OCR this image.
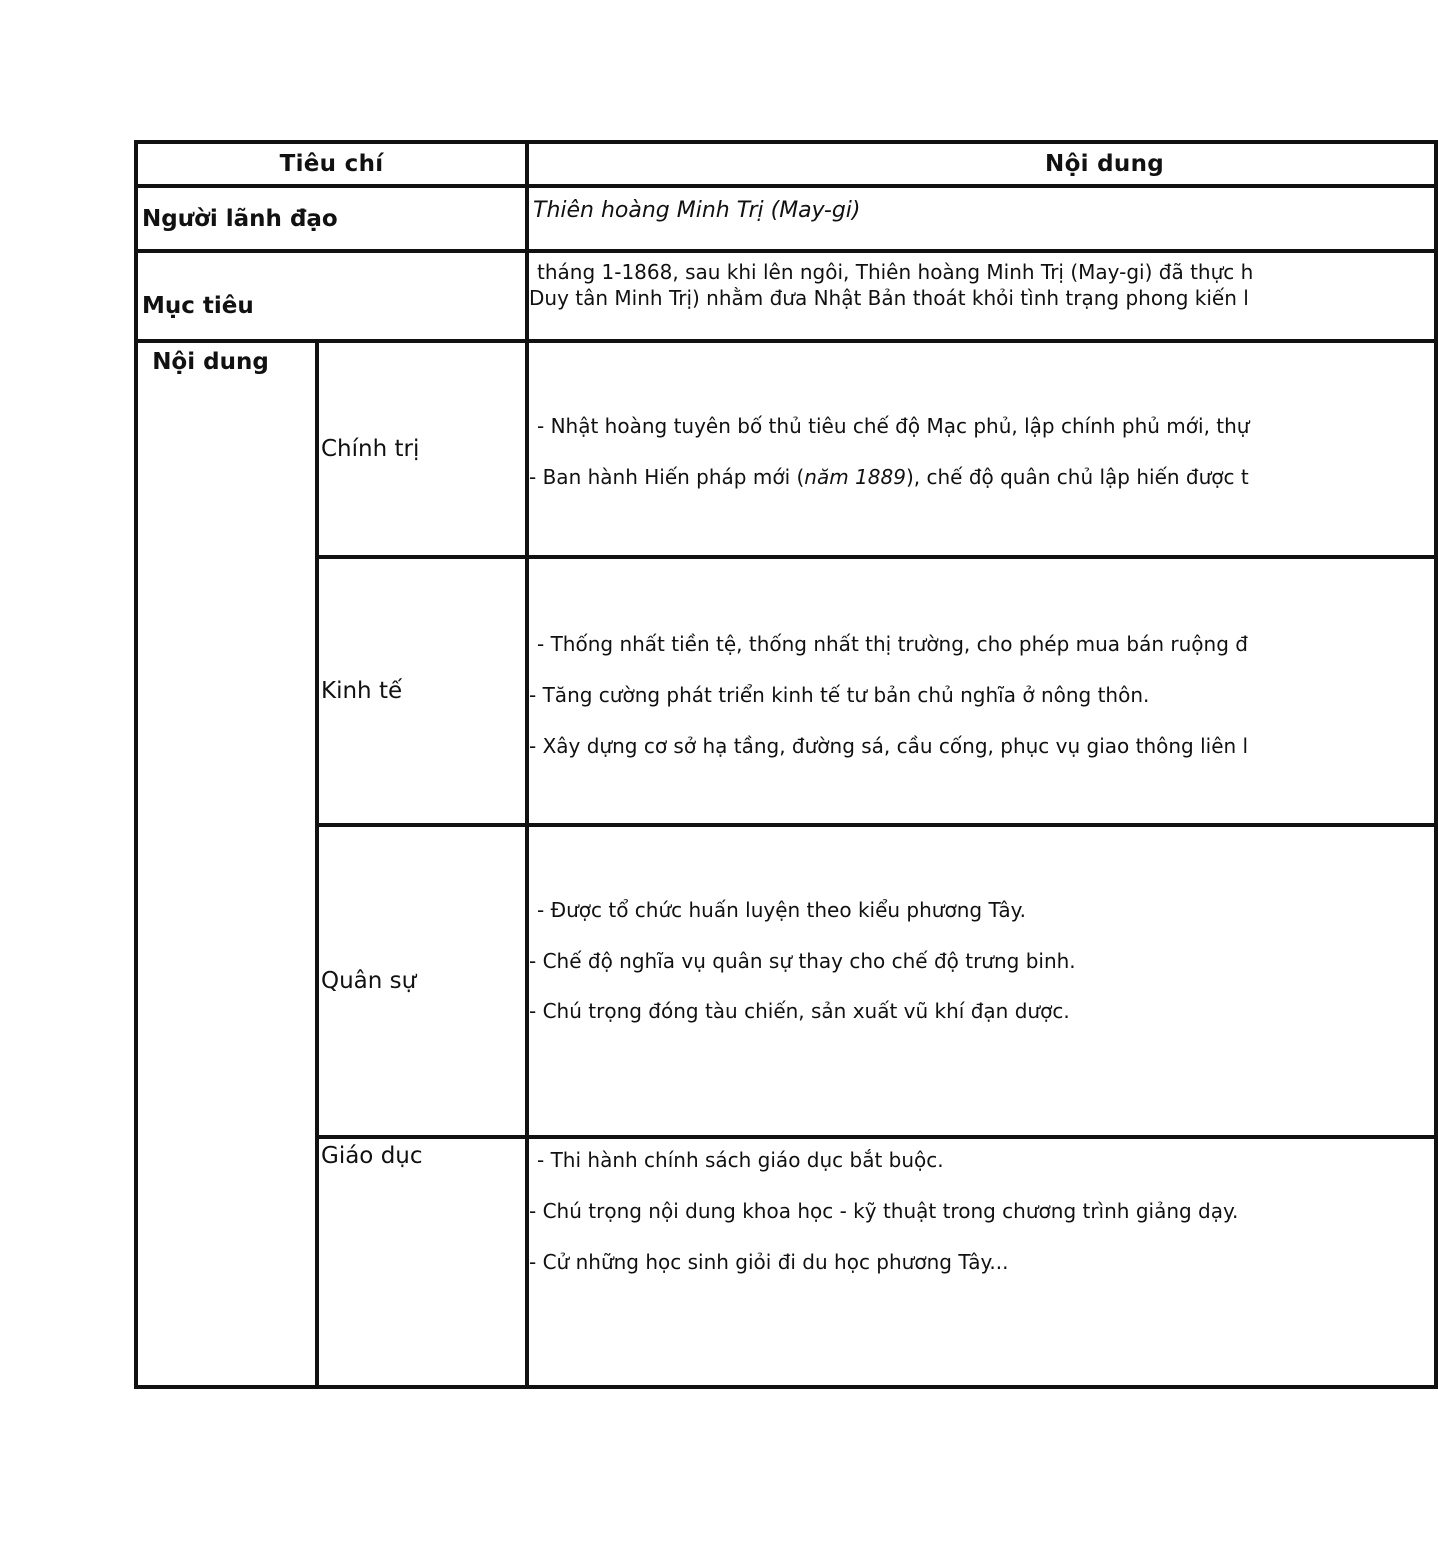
Tiêu chí		Nội dung
Người lãnh đạo		Thiên hoàng Minh Trị (May-gi)
Mục tiêu		tháng 1-1868, sau khi lên ngôi, Thiên hoàng Minh Trị (May-gi) đã thực h
Duy tân Minh Trị) nhằm đưa Nhật Bản thoát khỏi tình trạng phong kiến l

Nội dung	Chính trị	- Nhật hoàng tuyên bố thủ tiêu chế độ Mạc phủ, lập chính phủ mới, thự
- Ban hành Hiến pháp mới (năm 1889), chế độ quân chủ lập hiến được t

	Kinh tế	- Thống nhất tiền tệ, thống nhất thị trường, cho phép mua bán ruộng đ
- Tăng cường phát triển kinh tế tư bản chủ nghĩa ở nông thôn.
- Xây dựng cơ sở hạ tầng, đường sá, cầu cống, phục vụ giao thông liên l

	Quân sự	- Được tổ chức huấn luyện theo kiểu phương Tây.
- Chế độ nghĩa vụ quân sự thay cho chế độ trưng binh.
- Chú trọng đóng tàu chiến, sản xuất vũ khí đạn dược.

	Giáo dục	- Thi hành chính sách giáo dục bắt buộc.
- Chú trọng nội dung khoa học - kỹ thuật trong chương trình giảng dạy.
- Cử những học sinh giỏi đi du học phương Tây...
